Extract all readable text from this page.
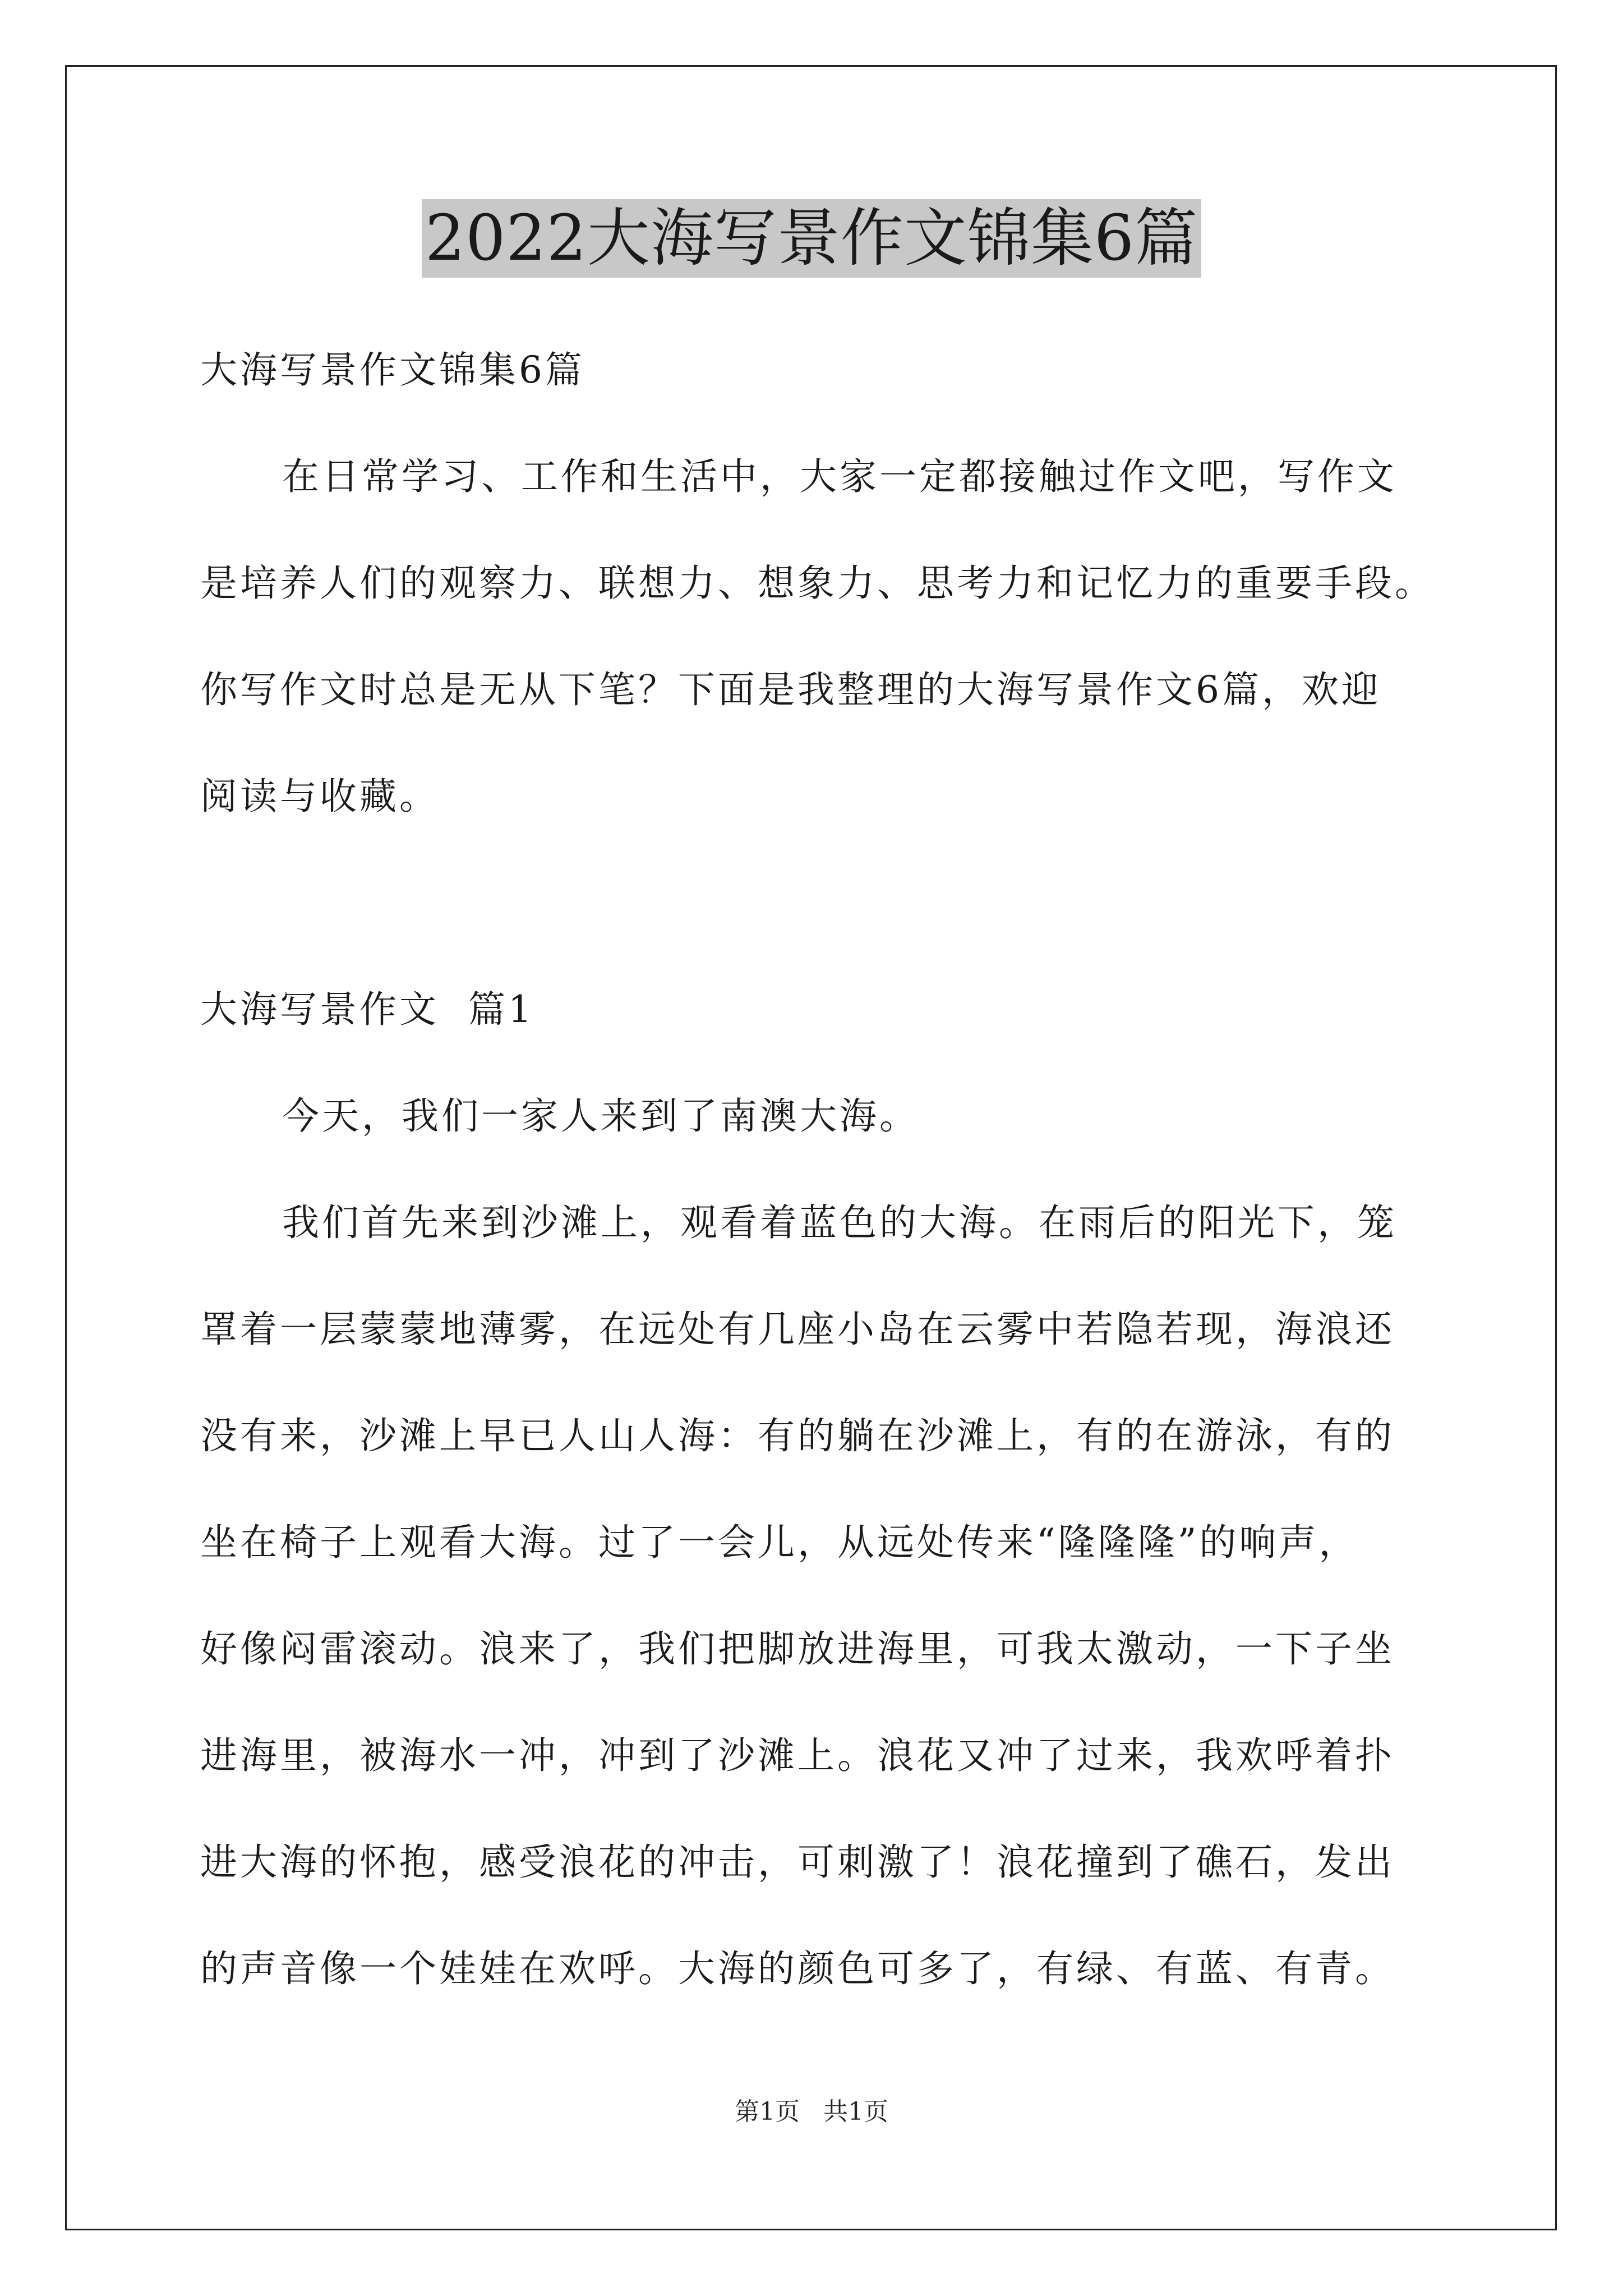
2022大海写景作文锦集6篇
大海写景作文锦集6篇
在日常学习、工作和生活中，大家一定都接触过作文吧，写作文
是培养人们的观察力、联想力、想象力、思考力和记忆力的重要手段。
你写作文时总是无从下笔？下面是我整理的大海写景作文6篇，欢迎
阅读与收藏。
大海写景作文  篇1
今天，我们一家人来到了南澳大海。
我们首先来到沙滩上，观看着蓝色的大海。在雨后的阳光下，笼
罩着一层蒙蒙地薄雾，在远处有几座小岛在云雾中若隐若现，海浪还
没有来，沙滩上早已人山人海：有的躺在沙滩上，有的在游泳，有的
坐在椅子上观看大海。过了一会儿，从远处传来“隆隆隆”的响声，
好像闷雷滚动。浪来了，我们把脚放进海里，可我太激动，一下子坐
进海里，被海水一冲，冲到了沙滩上。浪花又冲了过来，我欢呼着扑
进大海的怀抱，感受浪花的冲击，可刺激了！浪花撞到了礁石，发出
的声音像一个娃娃在欢呼。大海的颜色可多了，有绿、有蓝、有青。
第1页   共1页
